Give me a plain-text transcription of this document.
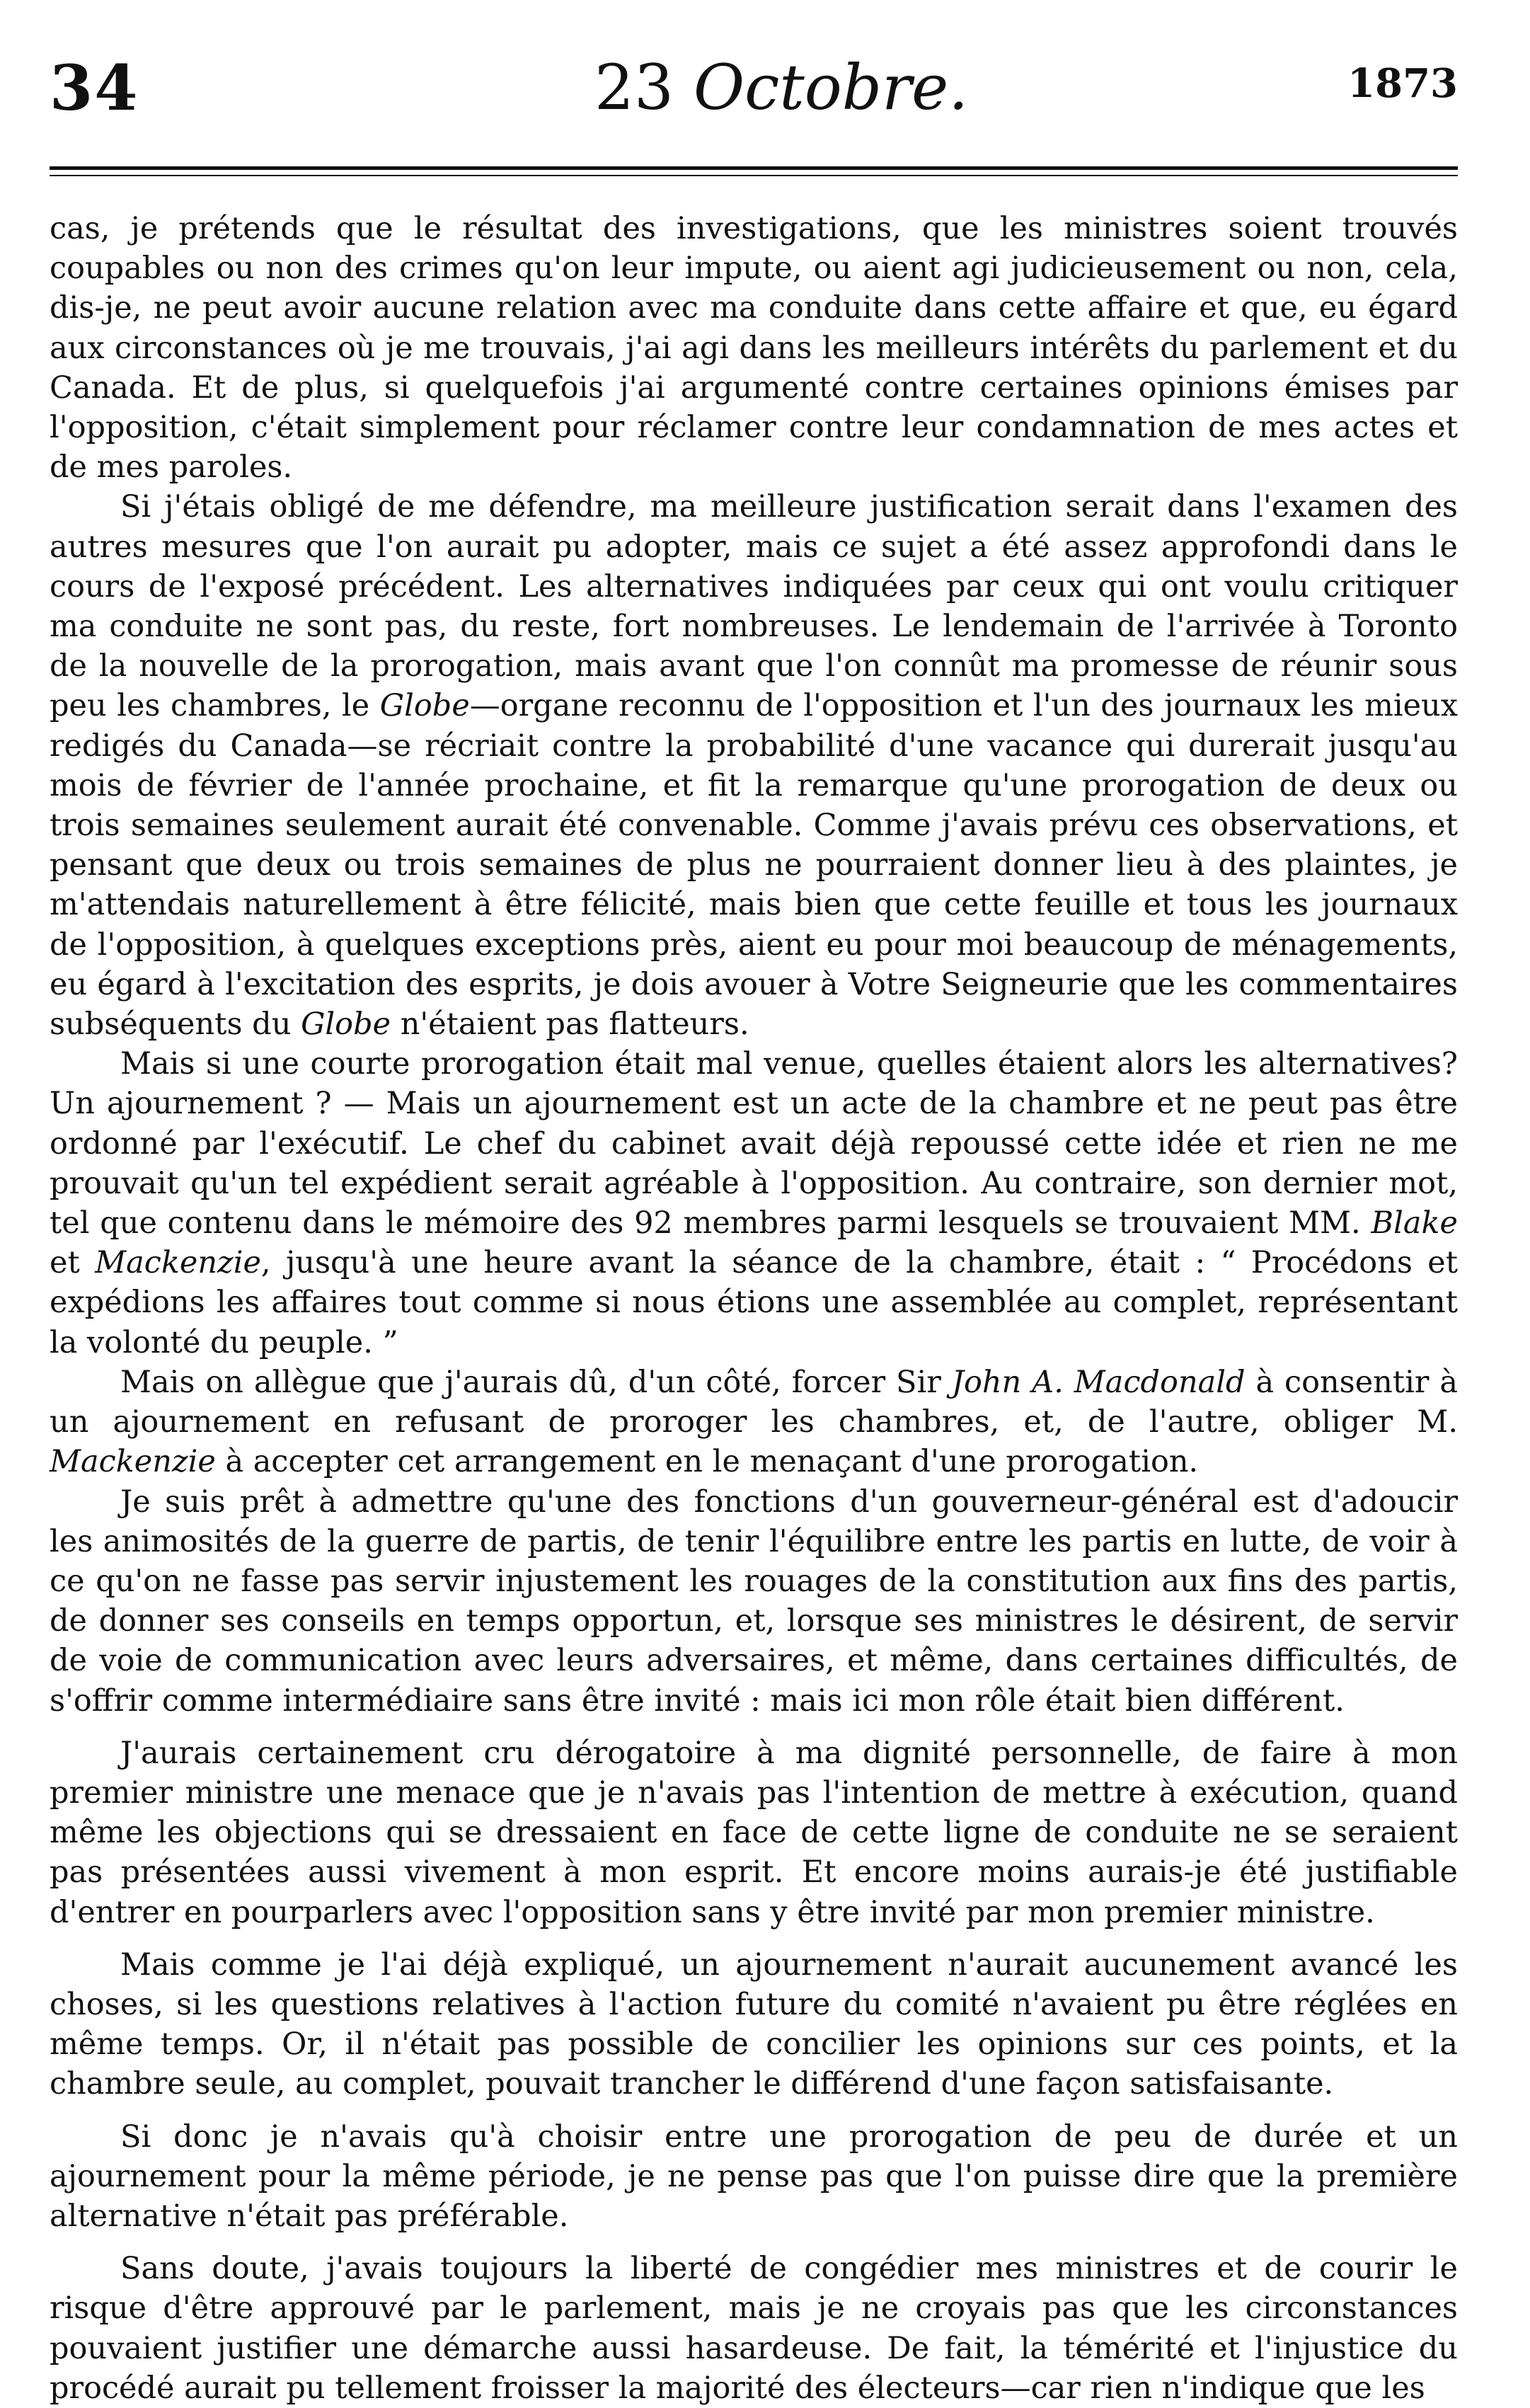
34	23 Octobre.	1873

cas, je prétends que le résultat des investigations, que les ministres soient trouvés coupables ou non des crimes qu'on leur impute, ou aient agi judicieusement ou non, cela, dis-je, ne peut avoir aucune relation avec ma conduite dans cette affaire et que, eu égard aux circonstances où je me trouvais, j'ai agi dans les meilleurs intérêts du parlement et du Canada. Et de plus, si quelquefois j'ai argumenté contre certaines opinions émises par l'opposition, c'était simplement pour réclamer contre leur condamnation de mes actes et de mes paroles.

Si j'étais obligé de me défendre, ma meilleure justification serait dans l'examen des autres mesures que l'on aurait pu adopter, mais ce sujet a été assez approfondi dans le cours de l'exposé précédent. Les alternatives indiquées par ceux qui ont voulu critiquer ma conduite ne sont pas, du reste, fort nombreuses. Le lendemain de l'arrivée à Toronto de la nouvelle de la prorogation, mais avant que l'on connût ma promesse de réunir sous peu les chambres, le Globe—organe reconnu de l'opposition et l'un des journaux les mieux redigés du Canada—se récriait contre la probabilité d'une vacance qui durerait jusqu'au mois de février de l'année prochaine, et fit la remarque qu'une prorogation de deux ou trois semaines seulement aurait été convenable. Comme j'avais prévu ces observations, et pensant que deux ou trois semaines de plus ne pourraient donner lieu à des plaintes, je m'attendais naturellement à être félicité, mais bien que cette feuille et tous les journaux de l'opposition, à quelques exceptions près, aient eu pour moi beaucoup de ménagements, eu égard à l'excitation des esprits, je dois avouer à Votre Seigneurie que les commentaires subséquents du Globe n'étaient pas flatteurs.

Mais si une courte prorogation était mal venue, quelles étaient alors les alternatives? Un ajournement ? — Mais un ajournement est un acte de la chambre et ne peut pas être ordonné par l'exécutif. Le chef du cabinet avait déjà repoussé cette idée et rien ne me prouvait qu'un tel expédient serait agréable à l'opposition. Au contraire, son dernier mot, tel que contenu dans le mémoire des 92 membres parmi lesquels se trouvaient MM. Blake et Mackenzie, jusqu'à une heure avant la séance de la chambre, était : “ Procédons et expédions les affaires tout comme si nous étions une assemblée au complet, représentant la volonté du peuple. ”

Mais on allègue que j'aurais dû, d'un côté, forcer Sir John A. Macdonald à consentir à un ajournement en refusant de proroger les chambres, et, de l'autre, obliger M. Mackenzie à accepter cet arrangement en le menaçant d'une prorogation.

Je suis prêt à admettre qu'une des fonctions d'un gouverneur-général est d'adoucir les animosités de la guerre de partis, de tenir l'équilibre entre les partis en lutte, de voir à ce qu'on ne fasse pas servir injustement les rouages de la constitution aux fins des partis, de donner ses conseils en temps opportun, et, lorsque ses ministres le désirent, de servir de voie de communication avec leurs adversaires, et même, dans certaines difficultés, de s'offrir comme intermédiaire sans être invité : mais ici mon rôle était bien différent.

J'aurais certainement cru dérogatoire à ma dignité personnelle, de faire à mon premier ministre une menace que je n'avais pas l'intention de mettre à exécution, quand même les objections qui se dressaient en face de cette ligne de conduite ne se seraient pas présentées aussi vivement à mon esprit. Et encore moins aurais-je été justifiable d'entrer en pourparlers avec l'opposition sans y être invité par mon premier ministre.

Mais comme je l'ai déjà expliqué, un ajournement n'aurait aucunement avancé les choses, si les questions relatives à l'action future du comité n'avaient pu être réglées en même temps. Or, il n'était pas possible de concilier les opinions sur ces points, et la chambre seule, au complet, pouvait trancher le différend d'une façon satisfaisante.

Si donc je n'avais qu'à choisir entre une prorogation de peu de durée et un ajournement pour la même période, je ne pense pas que l'on puisse dire que la première alternative n'était pas préférable.

Sans doute, j'avais toujours la liberté de congédier mes ministres et de courir le risque d'être approuvé par le parlement, mais je ne croyais pas que les circonstances pouvaient justifier une démarche aussi hasardeuse. De fait, la témérité et l'injustice du procédé aurait pu tellement froisser la majorité des électeurs—car rien n'indique que les
